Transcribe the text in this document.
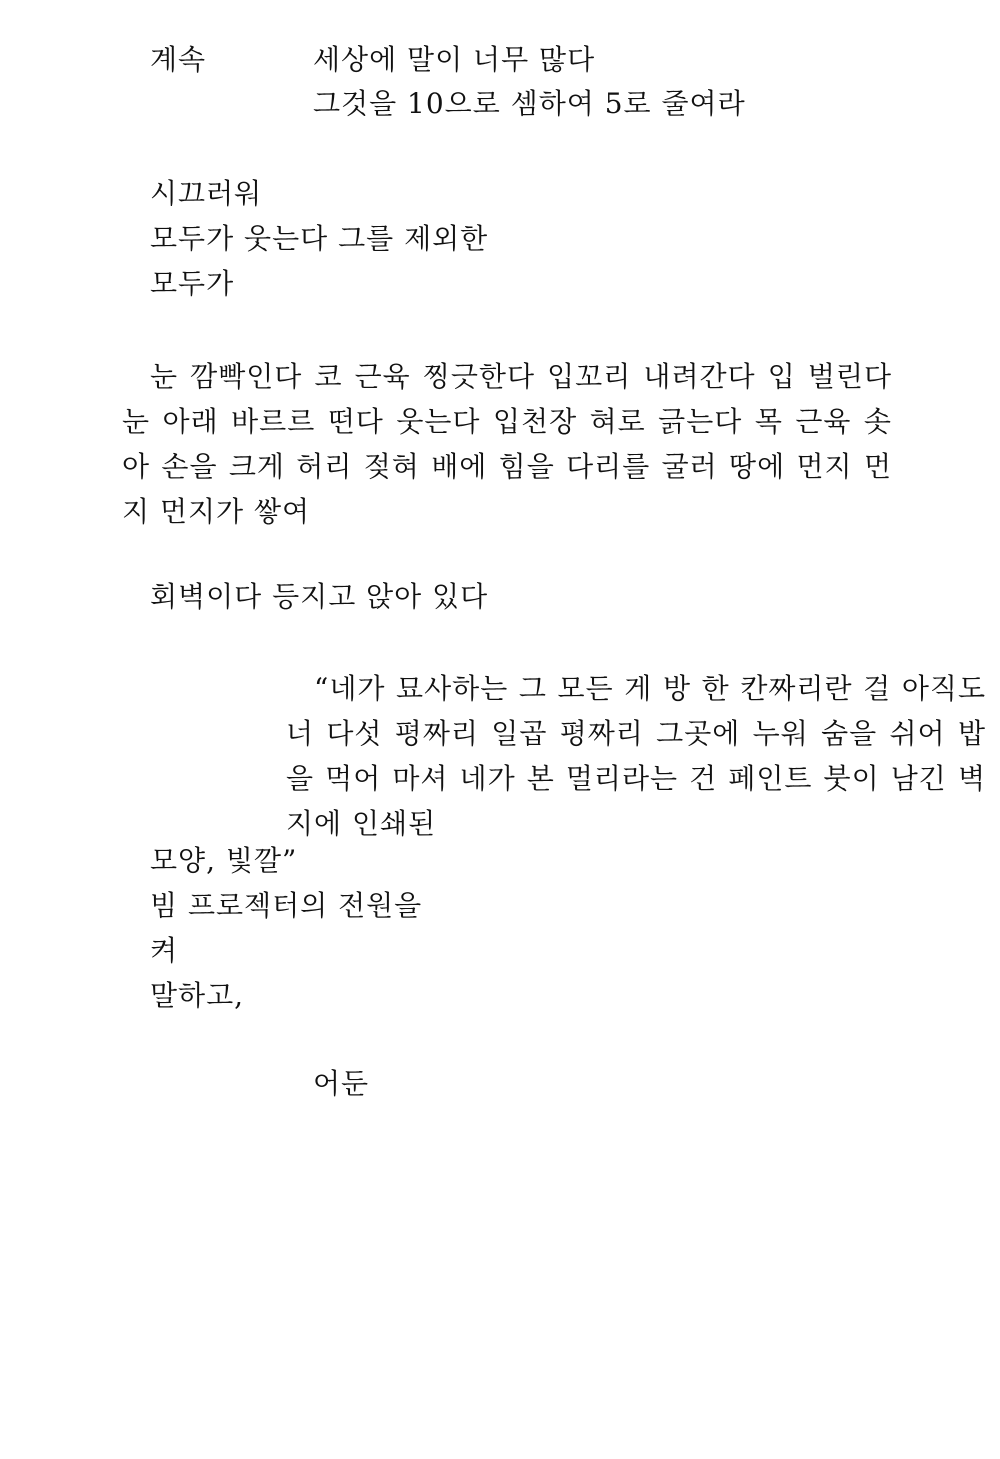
계속	세상에 말이 너무 많다
그것을 10으로 셈하여 5로 줄여라
시끄러워
모두가 웃는다 그를 제외한
모두가
눈 깜빡인다 코 근육 찡긋한다 입꼬리 내려간다 입 벌린다 눈 아래 바르르 떤다 웃는다 입천장 혀로 긁는다 목 근육 솟아 손을 크게 허리 젖혀 배에 힘을 다리를 굴러 땅에 먼지 먼지 먼지가 쌓여
회벽이다 등지고 앉아 있다
“네가 묘사하는 그 모든 게 방 한 칸짜리란 걸 아직도 너 다섯 평짜리 일곱 평짜리 그곳에 누워 숨을 쉬어 밥을 먹어 마셔 네가 본 멀리라는 건 페인트 붓이 남긴 벽지에 인쇄된
모양, 빛깔”
빔 프로젝터의 전원을
켜
말하고,
어둔
